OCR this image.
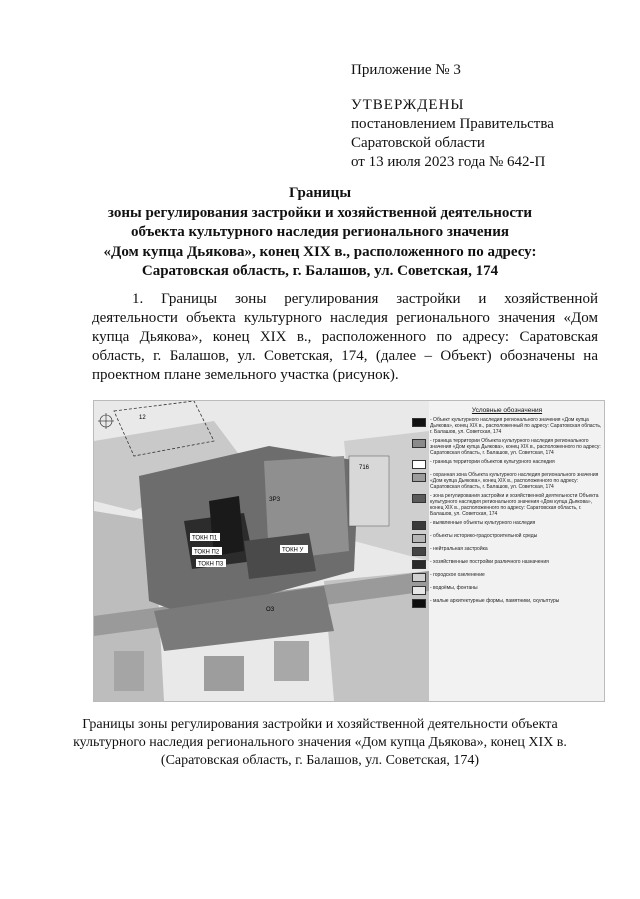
Приложение № 3
УТВЕРЖДЕНЫ
постановлением Правительства
Саратовской области
от 13 июля 2023 года № 642-П
Границы
зоны регулирования застройки и хозяйственной деятельности
объекта культурного наследия регионального значения
«Дом купца Дьякова», конец XIX в., расположенного по адресу:
Саратовская область, г. Балашов, ул. Советская, 174
1. Границы зоны регулирования застройки и хозяйственной деятельности объекта культурного наследия регионального значения «Дом купца Дьякова», конец XIX в., расположенного по адресу: Саратовская область, г. Балашов, ул. Советская, 174, (далее – Объект) обозначены на проектном плане земельного участка (рисунок).
ТОКН П1
ТОКН П2
ТОКН П3
ТОКН У
ЗРЗ
ОЗ
12
716
Условные обозначения
- Объект культурного наследия регионального значения «Дом купца Дьякова», конец XIX в., расположенный по адресу: Саратовская область, г. Балашов, ул. Советская, 174
- граница территории Объекта культурного наследия регионального значения «Дом купца Дьякова», конец XIX в., расположенного по адресу: Саратовская область, г. Балашов, ул. Советская, 174
- граница территории объектов культурного наследия
- охранная зона Объекта культурного наследия регионального значения «Дом купца Дьякова», конец XIX в., расположенного по адресу: Саратовская область, г. Балашов, ул. Советская, 174
- зона регулирования застройки и хозяйственной деятельности Объекта культурного наследия регионального значения «Дом купца Дьякова», конец XIX в., расположенного по адресу: Саратовская область, г. Балашов, ул. Советская, 174
- выявленные объекты культурного наследия
- объекты историко-градостроительной среды
- нейтральная застройка
- хозяйственные постройки различного назначения
- городское озеленение
- водоёмы, фонтаны
- малые архитектурные формы, памятники, скульптуры
Границы зоны регулирования застройки и хозяйственной деятельности объекта
культурного наследия регионального значения «Дом купца Дьякова», конец XIX в.
(Саратовская область, г. Балашов, ул. Советская, 174)
